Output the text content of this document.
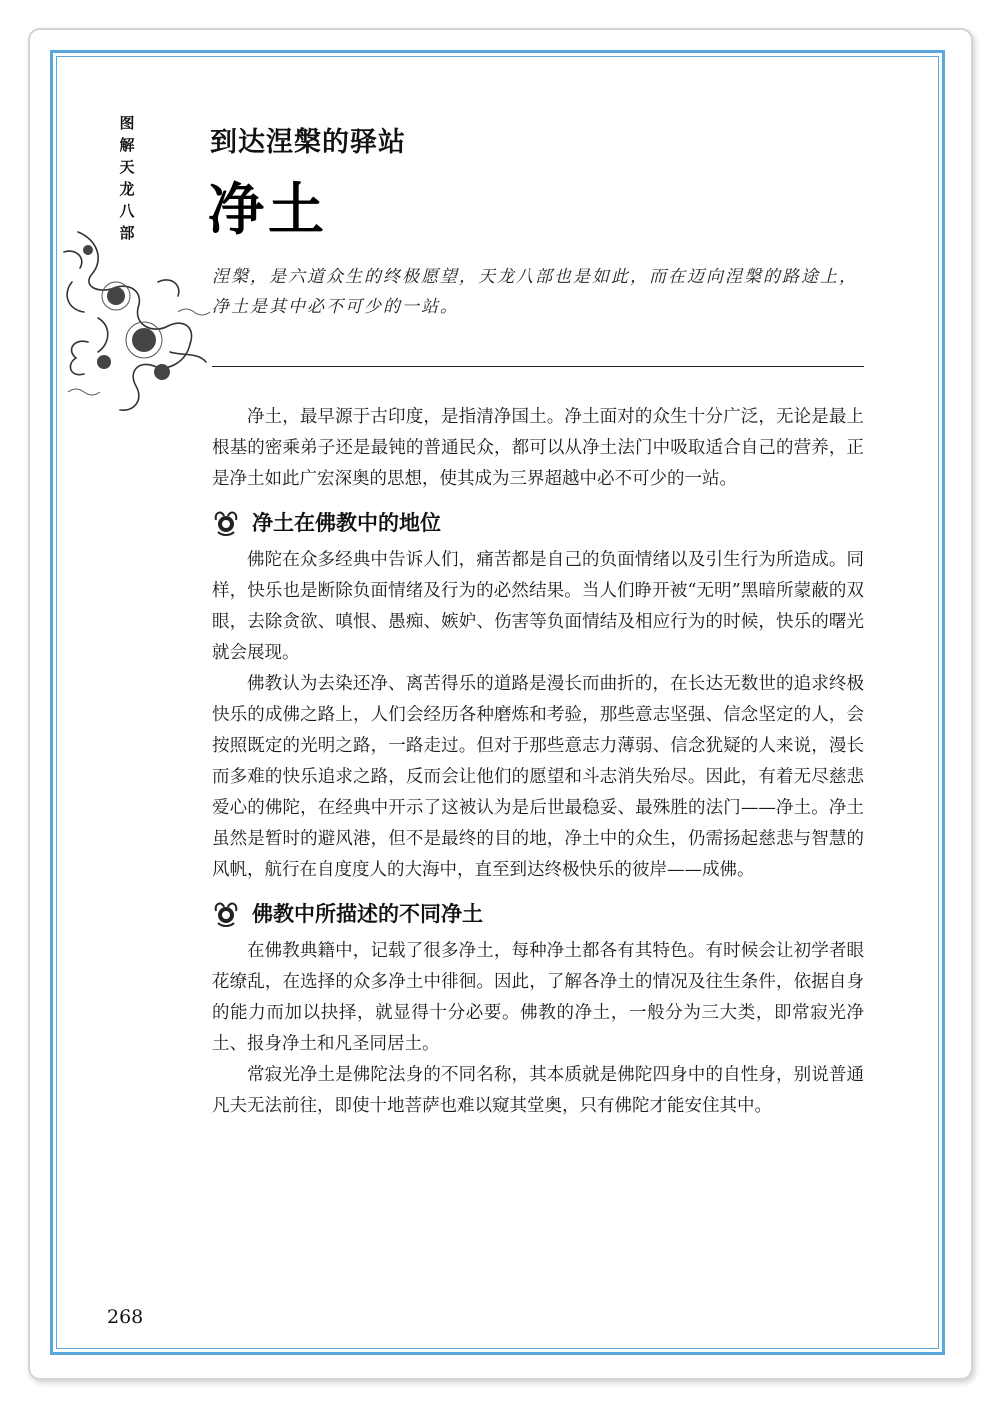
图解天龙八部
到达涅槃的驿站
净土
涅槃，是六道众生的终极愿望，天龙八部也是如此，而在迈向涅槃的路途上，净土是其中必不可少的一站。

净土，最早源于古印度，是指清净国土。净土面对的众生十分广泛，无论是最上根基的密乘弟子还是最钝的普通民众，都可以从净土法门中吸取适合自己的营养，正是净土如此广宏深奥的思想，使其成为三界超越中必不可少的一站。

净土在佛教中的地位

佛陀在众多经典中告诉人们，痛苦都是自己的负面情绪以及引生行为所造成。同样，快乐也是断除负面情绪及行为的必然结果。当人们睁开被“无明”黑暗所蒙蔽的双眼，去除贪欲、嗔恨、愚痴、嫉妒、伤害等负面情结及相应行为的时候，快乐的曙光就会展现。

佛教认为去染还净、离苦得乐的道路是漫长而曲折的，在长达无数世的追求终极快乐的成佛之路上，人们会经历各种磨炼和考验，那些意志坚强、信念坚定的人，会按照既定的光明之路，一路走过。但对于那些意志力薄弱、信念犹疑的人来说，漫长而多难的快乐追求之路，反而会让他们的愿望和斗志消失殆尽。因此，有着无尽慈悲爱心的佛陀，在经典中开示了这被认为是后世最稳妥、最殊胜的法门——净土。净土虽然是暂时的避风港，但不是最终的目的地，净土中的众生，仍需扬起慈悲与智慧的风帆，航行在自度度人的大海中，直至到达终极快乐的彼岸——成佛。

佛教中所描述的不同净土

在佛教典籍中，记载了很多净土，每种净土都各有其特色。有时候会让初学者眼花缭乱，在选择的众多净土中徘徊。因此，了解各净土的情况及往生条件，依据自身的能力而加以抉择，就显得十分必要。佛教的净土，一般分为三大类，即常寂光净土、报身净土和凡圣同居土。

常寂光净土是佛陀法身的不同名称，其本质就是佛陀四身中的自性身，别说普通凡夫无法前往，即使十地菩萨也难以窥其堂奥，只有佛陀才能安住其中。

268
